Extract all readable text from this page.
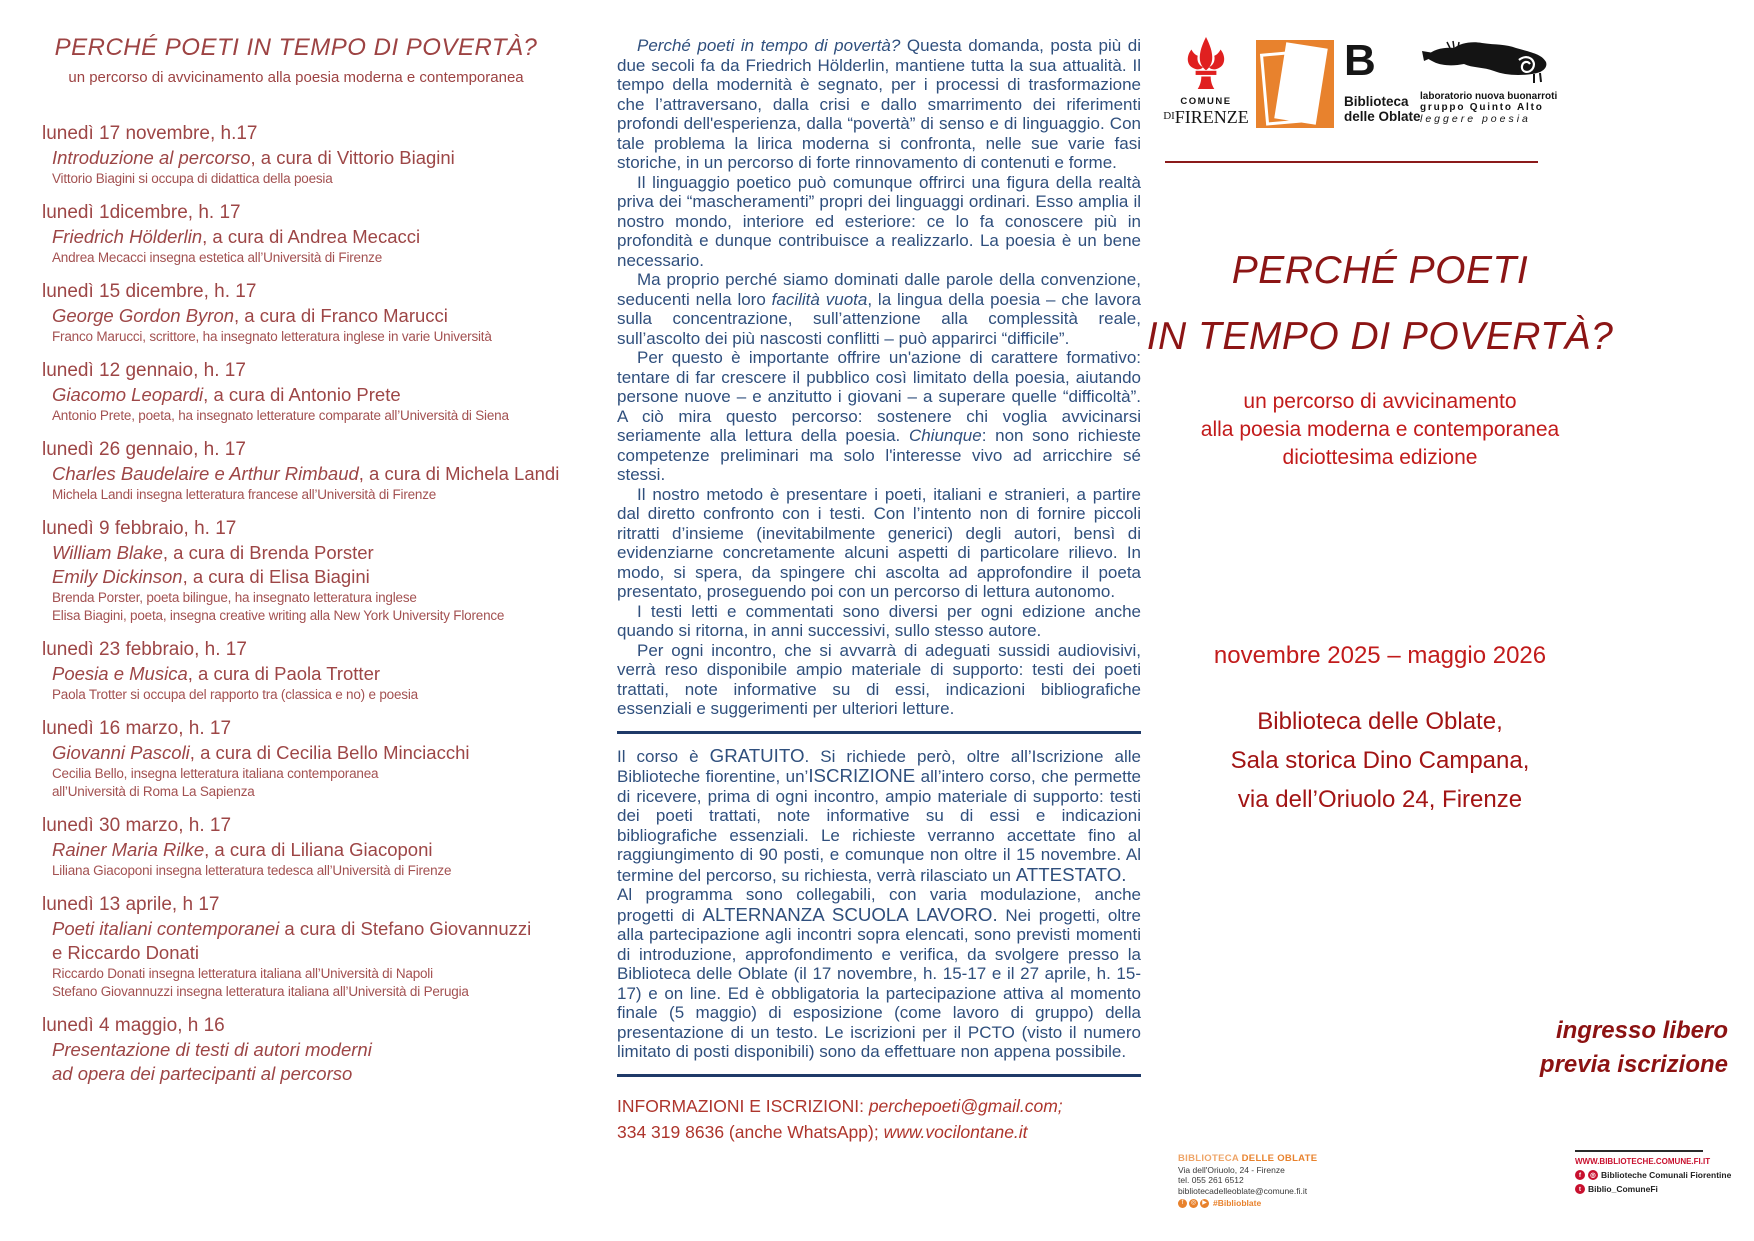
PERCHÉ POETI IN TEMPO DI POVERTÀ?
un percorso di avvicinamento alla poesia moderna e contemporanea
lunedì 17 novembre, h.17
Introduzione al percorso, a cura di Vittorio Biagini
Vittorio Biagini si occupa di didattica della poesia
lunedì 1dicembre, h. 17
Friedrich Hölderlin, a cura di Andrea Mecacci
Andrea Mecacci insegna estetica all’Università di Firenze
lunedì 15 dicembre, h. 17
George Gordon Byron, a cura di Franco Marucci
Franco Marucci, scrittore, ha insegnato letteratura inglese in varie Università
lunedì 12 gennaio, h. 17
Giacomo Leopardi, a cura di Antonio Prete
Antonio Prete, poeta, ha insegnato letterature comparate all’Università di Siena
lunedì 26 gennaio, h. 17
Charles Baudelaire e Arthur Rimbaud, a cura di Michela Landi
Michela Landi insegna letteratura francese all’Università di Firenze
lunedì 9 febbraio, h. 17
William Blake, a cura di Brenda Porster
Emily Dickinson, a cura di Elisa Biagini
Brenda Porster, poeta bilingue, ha insegnato letteratura inglese
Elisa Biagini, poeta, insegna creative writing alla New York University Florence
lunedì 23 febbraio, h. 17
Poesia e Musica, a cura di Paola Trotter
Paola Trotter si occupa del rapporto tra (classica e no) e poesia
lunedì 16 marzo, h. 17
Giovanni Pascoli, a cura di Cecilia Bello Minciacchi
Cecilia Bello, insegna letteratura italiana contemporanea
all’Università di Roma La Sapienza
lunedì 30 marzo, h. 17
Rainer Maria Rilke, a cura di Liliana Giacoponi
Liliana Giacoponi insegna letteratura tedesca all’Università di Firenze
lunedì 13 aprile, h 17
Poeti italiani contemporanei a cura di Stefano Giovannuzzi
e Riccardo Donati
Riccardo Donati insegna letteratura italiana all’Università di Napoli
Stefano Giovannuzzi insegna letteratura italiana all’Università di Perugia
lunedì 4 maggio, h 16
Presentazione di testi di autori moderni
ad opera dei partecipanti al percorso

Perché poeti in tempo di povertà? Questa domanda, posta più di due secoli fa da Friedrich Hölderlin, mantiene tutta la sua attualità. Il tempo della modernità è segnato, per i processi di trasformazione che l’attraversano, dalla crisi e dallo smarrimento dei riferimenti profondi dell'esperienza, dalla “povertà” di senso e di linguaggio. Con tale problema la lirica moderna si confronta, nelle sue varie fasi storiche, in un percorso di forte rinnovamento di contenuti e forme.

Il linguaggio poetico può comunque offrirci una figura della realtà priva dei “mascheramenti” propri dei linguaggi ordinari. Esso amplia il nostro mondo, interiore ed esteriore: ce lo fa conoscere più in profondità e dunque contribuisce a realizzarlo. La poesia è un bene necessario.

Ma proprio perché siamo dominati dalle parole della convenzione, seducenti nella loro facilità vuota, la lingua della poesia – che lavora sulla concentrazione, sull’attenzione alla complessità reale, sull’ascolto dei più nascosti conflitti – può apparirci “difficile”.

Per questo è importante offrire un'azione di carattere formativo: tentare di far crescere il pubblico così limitato della poesia, aiutando persone nuove – e anzitutto i giovani – a superare quelle “difficoltà”. A ciò mira questo percorso: sostenere chi voglia avvicinarsi seriamente alla lettura della poesia. Chiunque: non sono richieste competenze preliminari ma solo l'interesse vivo ad arricchire sé stessi.

Il nostro metodo è presentare i poeti, italiani e stranieri, a partire dal diretto confronto con i testi. Con l’intento non di fornire piccoli ritratti d’insieme (inevitabilmente generici) degli autori, bensì di evidenziarne concretamente alcuni aspetti di particolare rilievo. In modo, si spera, da spingere chi ascolta ad approfondire il poeta presentato, proseguendo poi con un percorso di lettura autonomo.

I testi letti e commentati sono diversi per ogni edizione anche quando si ritorna, in anni successivi, sullo stesso autore.

Per ogni incontro, che si avvarrà di adeguati sussidi audiovisivi, verrà reso disponibile ampio materiale di supporto: testi dei poeti trattati, note informative su di essi, indicazioni bibliografiche essenziali e suggerimenti per ulteriori letture.

Il corso è GRATUITO. Si richiede però, oltre all’Iscrizione alle Biblioteche fiorentine, un’ISCRIZIONE all’intero corso, che permette di ricevere, prima di ogni incontro, ampio materiale di supporto: testi dei poeti trattati, note informative su di essi e indicazioni bibliografiche essenziali. Le richieste verranno accettate fino al raggiungimento di 90 posti, e comunque non oltre il 15 novembre. Al termine del percorso, su richiesta, verrà rilasciato un ATTESTATO.

Al programma sono collegabili, con varia modulazione, anche progetti di ALTERNANZA SCUOLA LAVORO. Nei progetti, oltre alla partecipazione agli incontri sopra elencati, sono previsti momenti di introduzione, approfondimento e verifica, da svolgere presso la Biblioteca delle Oblate (il 17 novembre, h. 15-17 e il 27 aprile, h. 15-17) e on line. Ed è obbligatoria la partecipazione attiva al momento finale (5 maggio) di esposizione (come lavoro di gruppo) della presentazione di un testo. Le iscrizioni per il PCTO (visto il numero limitato di posti disponibili) sono da effettuare non appena possibile.

INFORMAZIONI E ISCRIZIONI: perchepoeti@gmail.com;
334 319 8636 (anche WhatsApp); www.vocilontane.it
COMUNE
$^{DI}$FIRENZE
B
Biblioteca
delle Oblate
laboratorio nuova buonarroti
gruppo Quinto Alto
leggere poesia
PERCHÉ POETI
IN TEMPO DI POVERTÀ?
un percorso di avvicinamento
alla poesia moderna e contemporanea
diciottesima edizione
novembre 2025 – maggio 2026
Biblioteca delle Oblate,
Sala storica Dino Campana,
via dell’Oriuolo 24, Firenze
ingresso libero
previa iscrizione
BIBLIOTECA DELLE OBLATE
Via dell'Oriuolo, 24 - Firenze
tel. 055 261 6512
bibliotecadelleoblate@comune.fi.it
f	◎	▶ #Biblioblate
WWW.BIBLIOTECHE.COMUNE.FI.IT
f	◎ Biblioteche Comunali Fiorentine
t Biblio_ComuneFi
